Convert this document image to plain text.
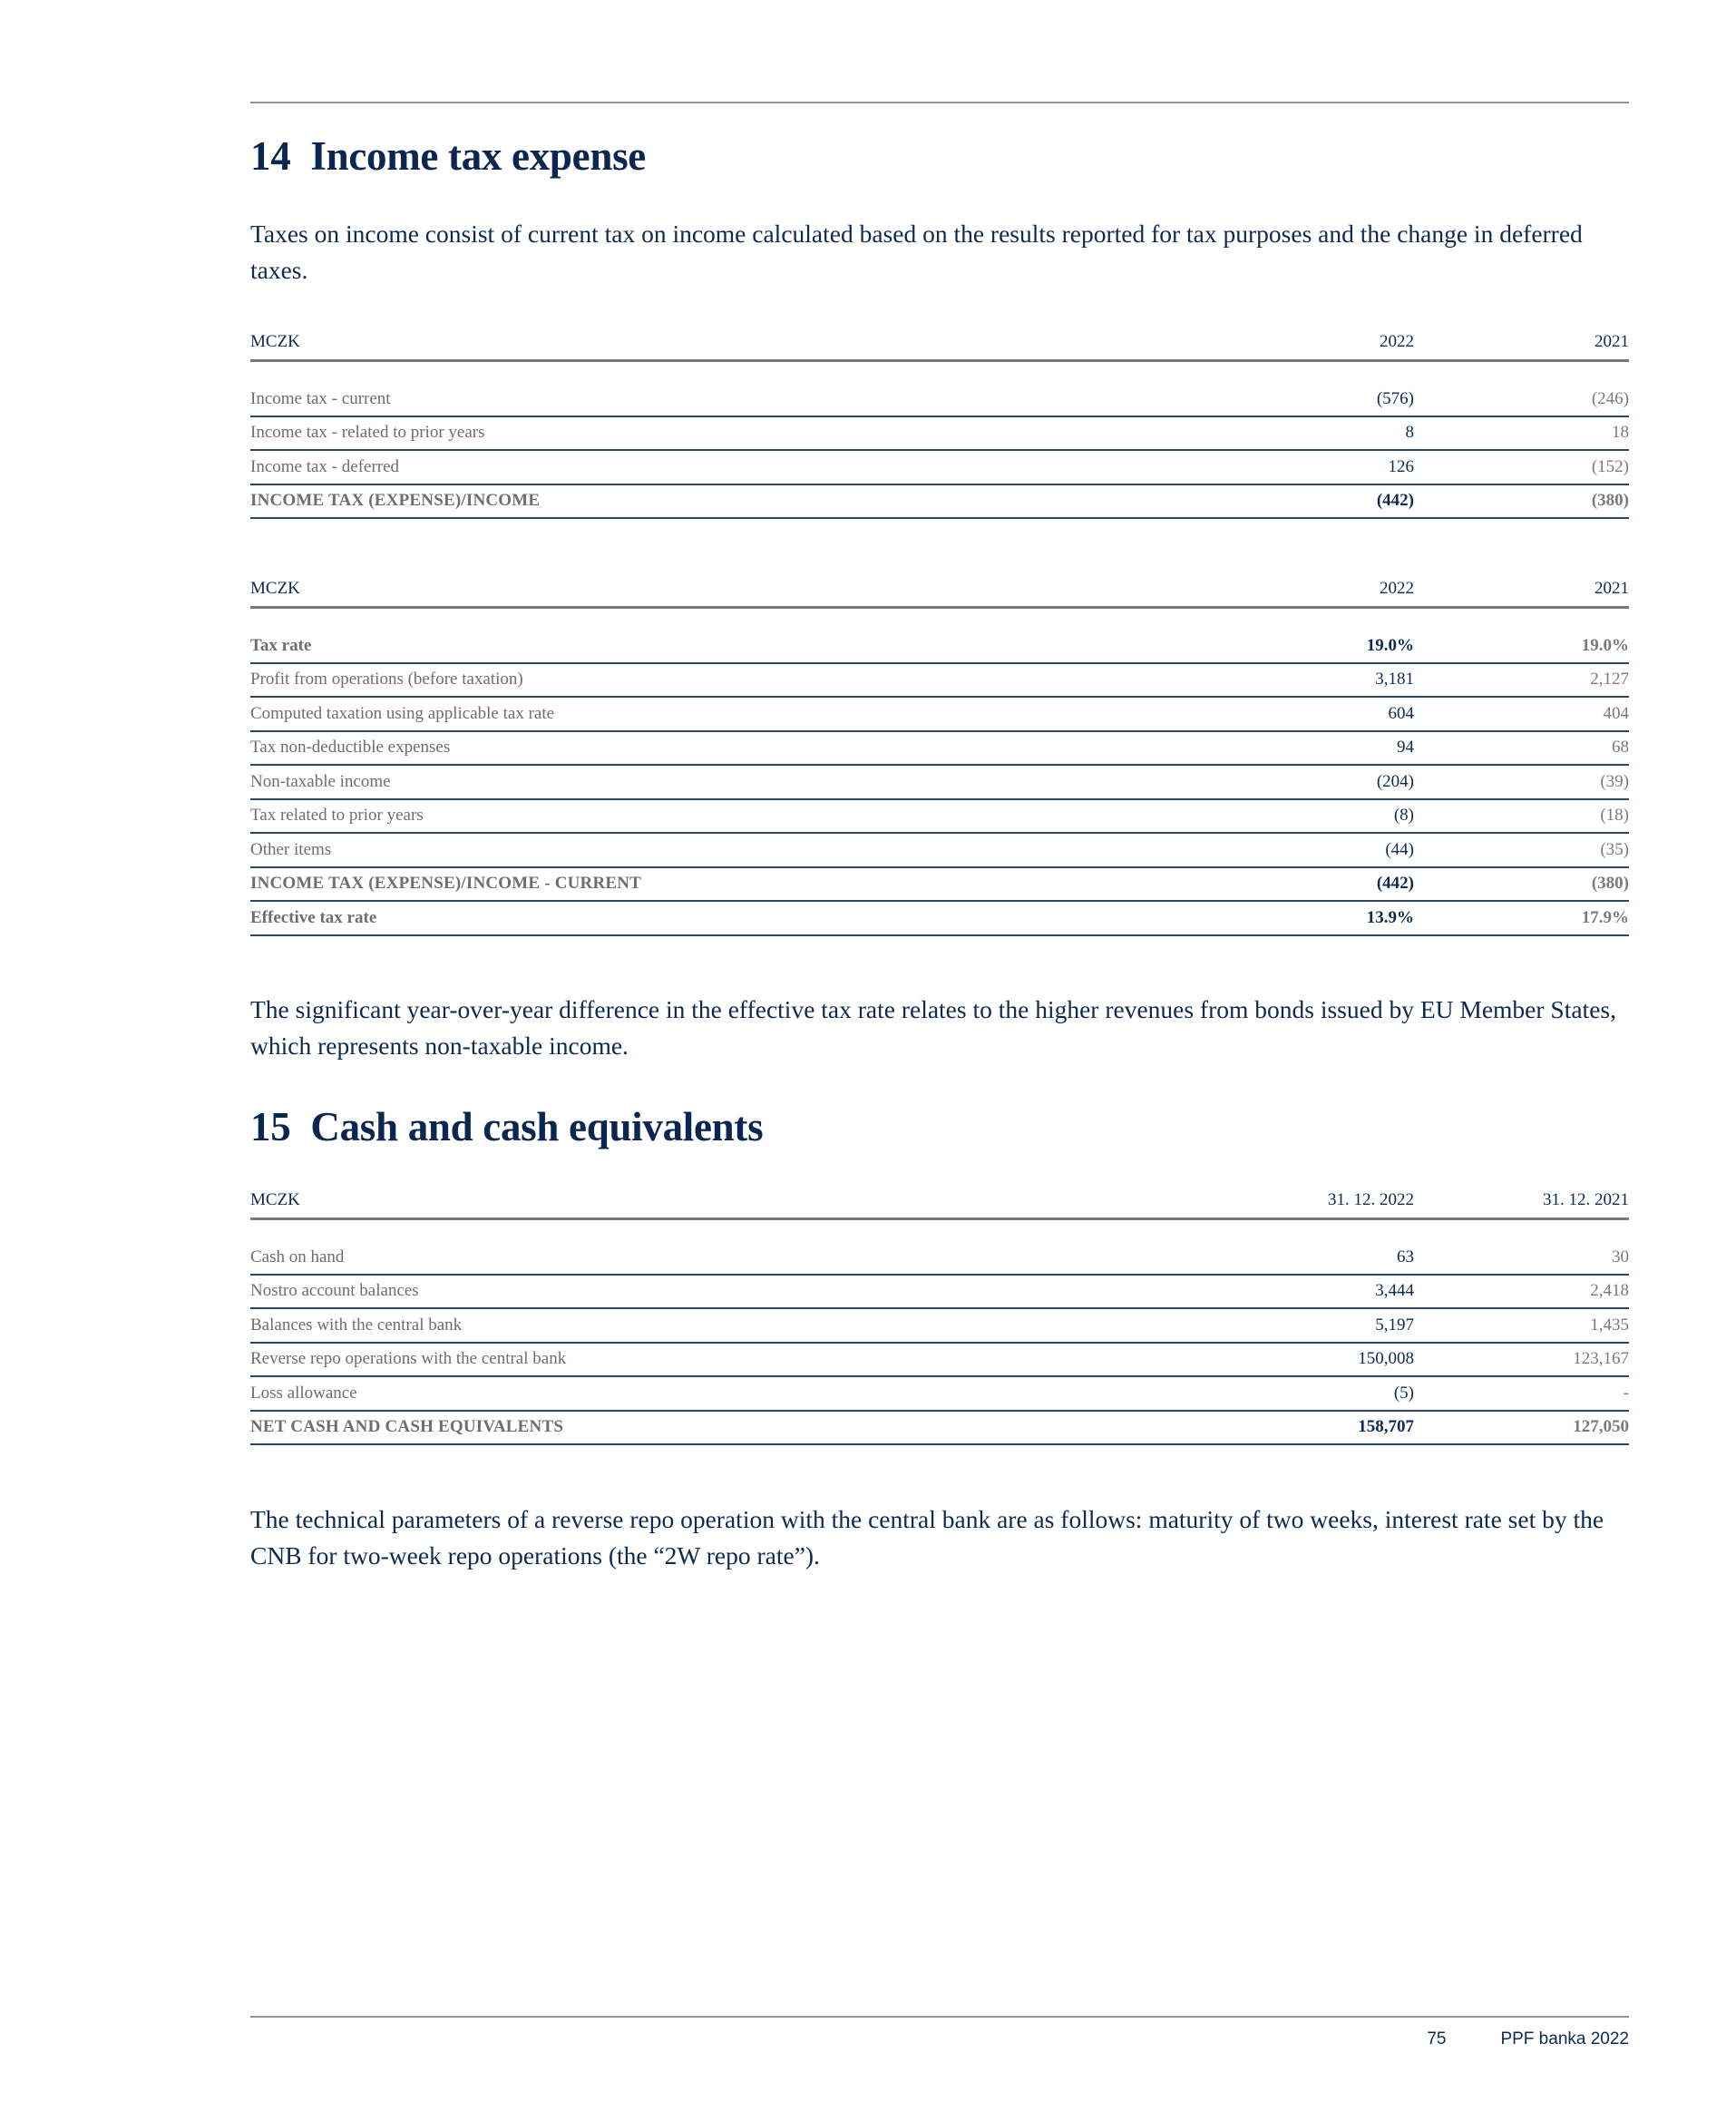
14 Income tax expense

Taxes on income consist of current tax on income calculated based on the results reported for tax purposes and the change in deferred taxes.

MCZK	2022	2021
Income tax - current	(576)	(246)
Income tax - related to prior years	8	18
Income tax - deferred	126	(152)
INCOME TAX (EXPENSE)/INCOME	(442)	(380)
MCZK	2022	2021
Tax rate	19.0%	19.0%
Profit from operations (before taxation)	3,181	2,127
Computed taxation using applicable tax rate	604	404
Tax non-deductible expenses	94	68
Non-taxable income	(204)	(39)
Tax related to prior years	(8)	(18)
Other items	(44)	(35)
INCOME TAX (EXPENSE)/INCOME - CURRENT	(442)	(380)
Effective tax rate	13.9%	17.9%

The significant year-over-year difference in the effective tax rate relates to the higher revenues from bonds issued by EU Member States, which represents non-taxable income.

15 Cash and cash equivalents
MCZK	31. 12. 2022	31. 12. 2021
Cash on hand	63	30
Nostro account balances	3,444	2,418
Balances with the central bank	5,197	1,435
Reverse repo operations with the central bank	150,008	123,167
Loss allowance	(5)	-
NET CASH AND CASH EQUIVALENTS	158,707	127,050

The technical parameters of a reverse repo operation with the central bank are as follows: maturity of two weeks, interest rate set by the CNB for two-week repo operations (the “2W repo rate”).

75	PPF banka 2022
